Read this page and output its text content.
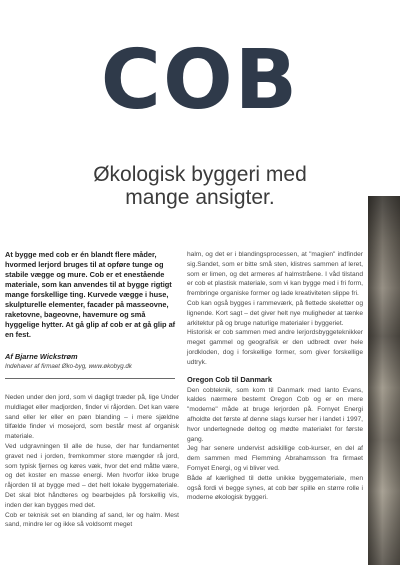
COB
Økologisk byggeri med
mange ansigter.

At bygge med cob er én blandt flere måder, hvormed lerjord bruges til at opføre tunge og stabile vægge og mure. Cob er et enestående materiale, som kan anvendes til at bygge rigtigt mange forskellige ting. Kurvede vægge i huse, skulpturelle elementer, facader på masseovne, raketovne, bageovne, havemure og små hyggelige hytter. At gå glip af cob er at gå glip af en fest.

Af Bjarne Wickstrøm

Indehaver af firmaet Øko-byg, www.økobyg.dk

Neden under den jord, som vi dagligt træder på, lige Under muldlaget eller madjorden, finder vi råjorden. Det kan være sand eller ler eller en pæn blanding – i mere sjældne tilfælde finder vi mosejord, som består mest af organisk materiale.

Ved udgravningen til alle de huse, der har fundamentet gravet ned i jorden, fremkommer store mængder rå jord, som typisk fjernes og køres væk, hvor det end måtte være, og det koster en masse energi. Men hvorfor ikke bruge råjorden til at bygge med – det helt lokale byggemateriale. Det skal blot håndteres og bearbejdes på forskellig vis, inden der kan bygges med det.

Cob er teknisk set en blanding af sand, ler og halm. Mest sand, mindre ler og ikke så voldsomt meget

halm, og det er i blandingsprocessen, at "magien" indfinder sig.Sandet, som er bitte små sten, klistres sammen af leret, som er limen, og det armeres af halmstråene. I våd tilstand er cob et plastisk materiale, som vi kan bygge med i fri form, frembringe organiske former og lade kreativiteten slippe fri.

Cob kan også bygges i rammeværk, på flettede skeletter og lignende. Kort sagt – det giver helt nye muligheder at tænke arkitektur på og bruge naturlige materialer i byggeriet.

Historisk er cob sammen med andre lerjordsbyggeteknikker meget gammel og geografisk er den udbredt over hele jordkloden, dog i forskellige former, som giver forskellige udtryk.

Oregon Cob til Danmark

Den cobteknik, som kom til Danmark med Ianto Evans, kaldes nærmere bestemt Oregon Cob og er en mere "moderne" måde at bruge lerjorden på. Fornyet Energi afholdte det første af denne slags kurser her i landet i 1997, hvor undertegnede deltog og mødte materialet for første gang.

Jeg har senere undervist adskillige cob-kurser, en del af dem sammen med Flemming Abrahamsson fra firmaet Fornyet Energi, og vi bliver ved.

Både af kærlighed til dette unikke byggemateriale, men også fordi vi begge synes, at cob bør spille en større rolle i moderne økologisk byggeri.
